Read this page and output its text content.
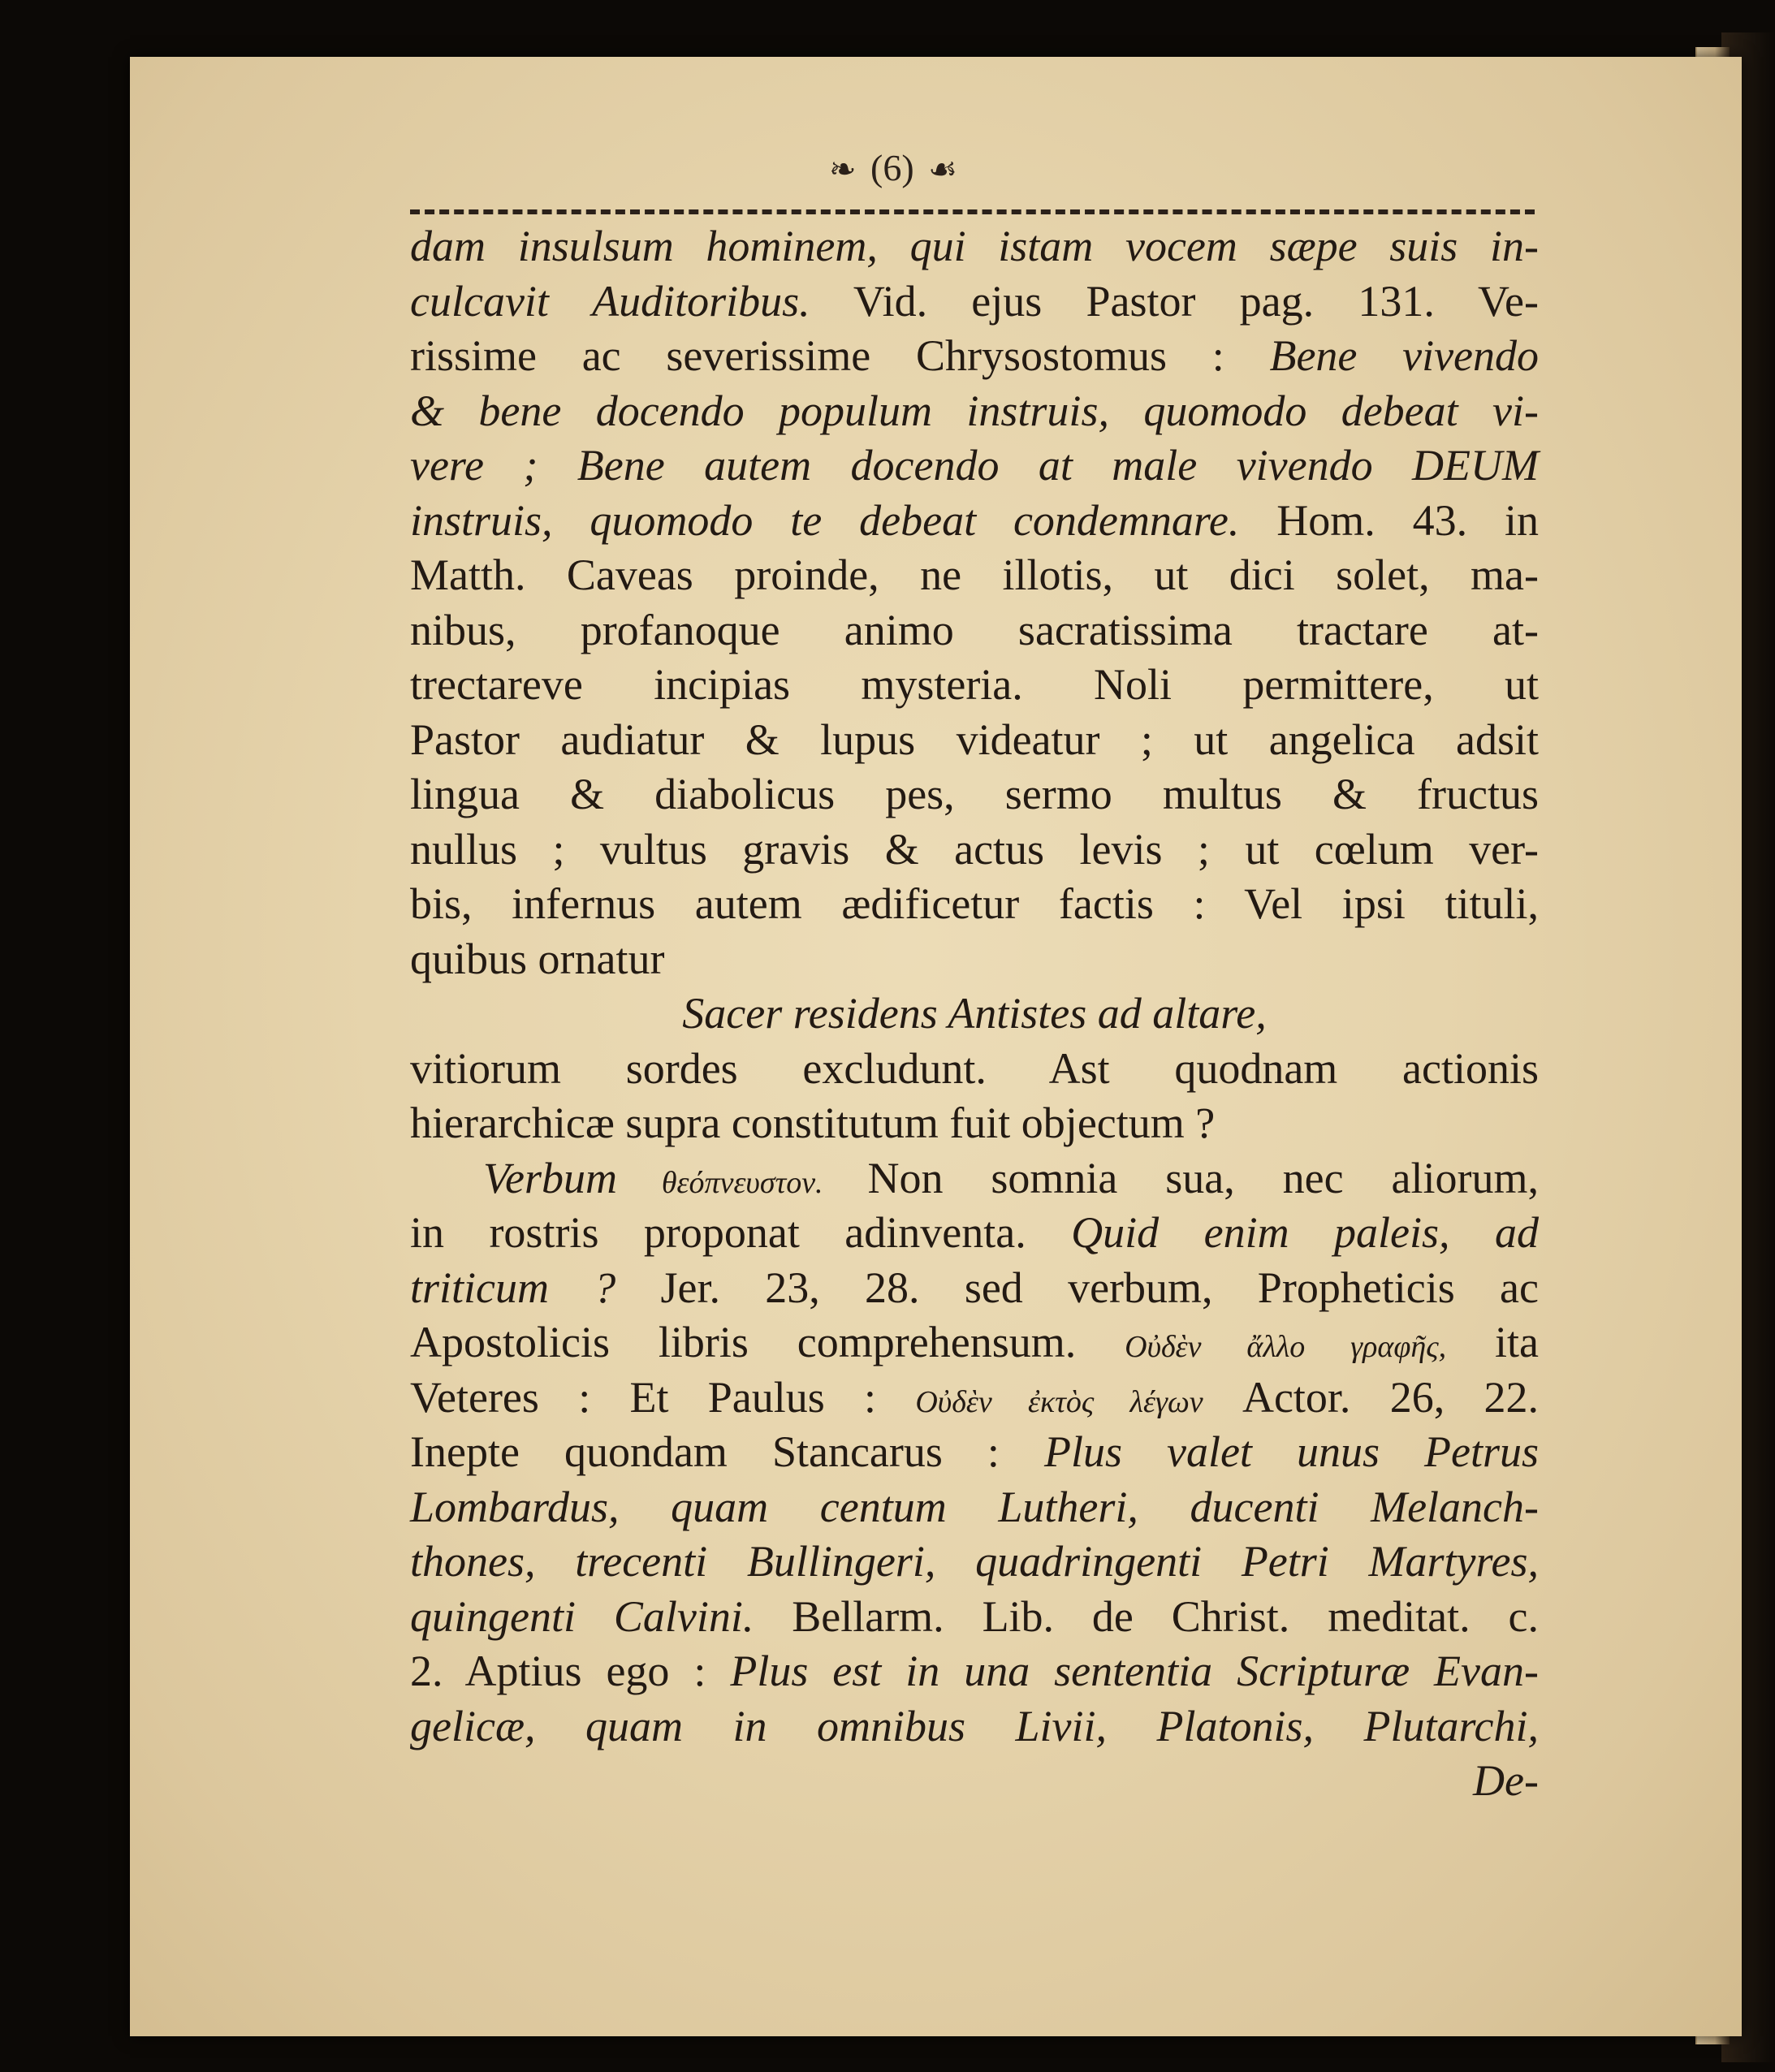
❧ (6) ☙
dam insulsum hominem, qui istam vocem sæpe suis in-
culcavit Auditoribus. Vid. ejus Pastor pag. 131. Ve-
rissime ac severissime Chrysostomus : Bene vivendo
& bene docendo populum instruis, quomodo debeat vi-
vere ; Bene autem docendo at male vivendo DEUM
instruis, quomodo te debeat condemnare. Hom. 43. in
Matth. Caveas proinde, ne illotis, ut dici solet, ma-
nibus, profanoque animo sacratissima tractare at-
trectareve incipias mysteria. Noli permittere, ut
Pastor audiatur & lupus videatur ; ut angelica adsit
lingua & diabolicus pes, sermo multus & fructus
nullus ; vultus gravis & actus levis ; ut cœlum ver-
bis, infernus autem ædificetur factis : Vel ipsi tituli,
quibus ornatur
Sacer residens Antistes ad altare,
vitiorum sordes excludunt. Ast quodnam actionis
hierarchicæ supra constitutum fuit objectum ?
Verbum θεόπνευστον. Non somnia sua, nec aliorum,
in rostris proponat adinventa. Quid enim paleis, ad
triticum ? Jer. 23, 28. sed verbum, Propheticis ac
Apostolicis libris comprehensum. Οὐδὲν ἄλλο γραφῆς, ita
Veteres : Et Paulus : Οὐδὲν ἐκτὸς λέγων Actor. 26, 22.
Inepte quondam Stancarus : Plus valet unus Petrus
Lombardus, quam centum Lutheri, ducenti Melanch-
thones, trecenti Bullingeri, quadringenti Petri Martyres,
quingenti Calvini. Bellarm. Lib. de Christ. meditat. c.
2. Aptius ego : Plus est in una sententia Scripturæ Evan-
gelicæ, quam in omnibus Livii, Platonis, Plutarchi,
De-
